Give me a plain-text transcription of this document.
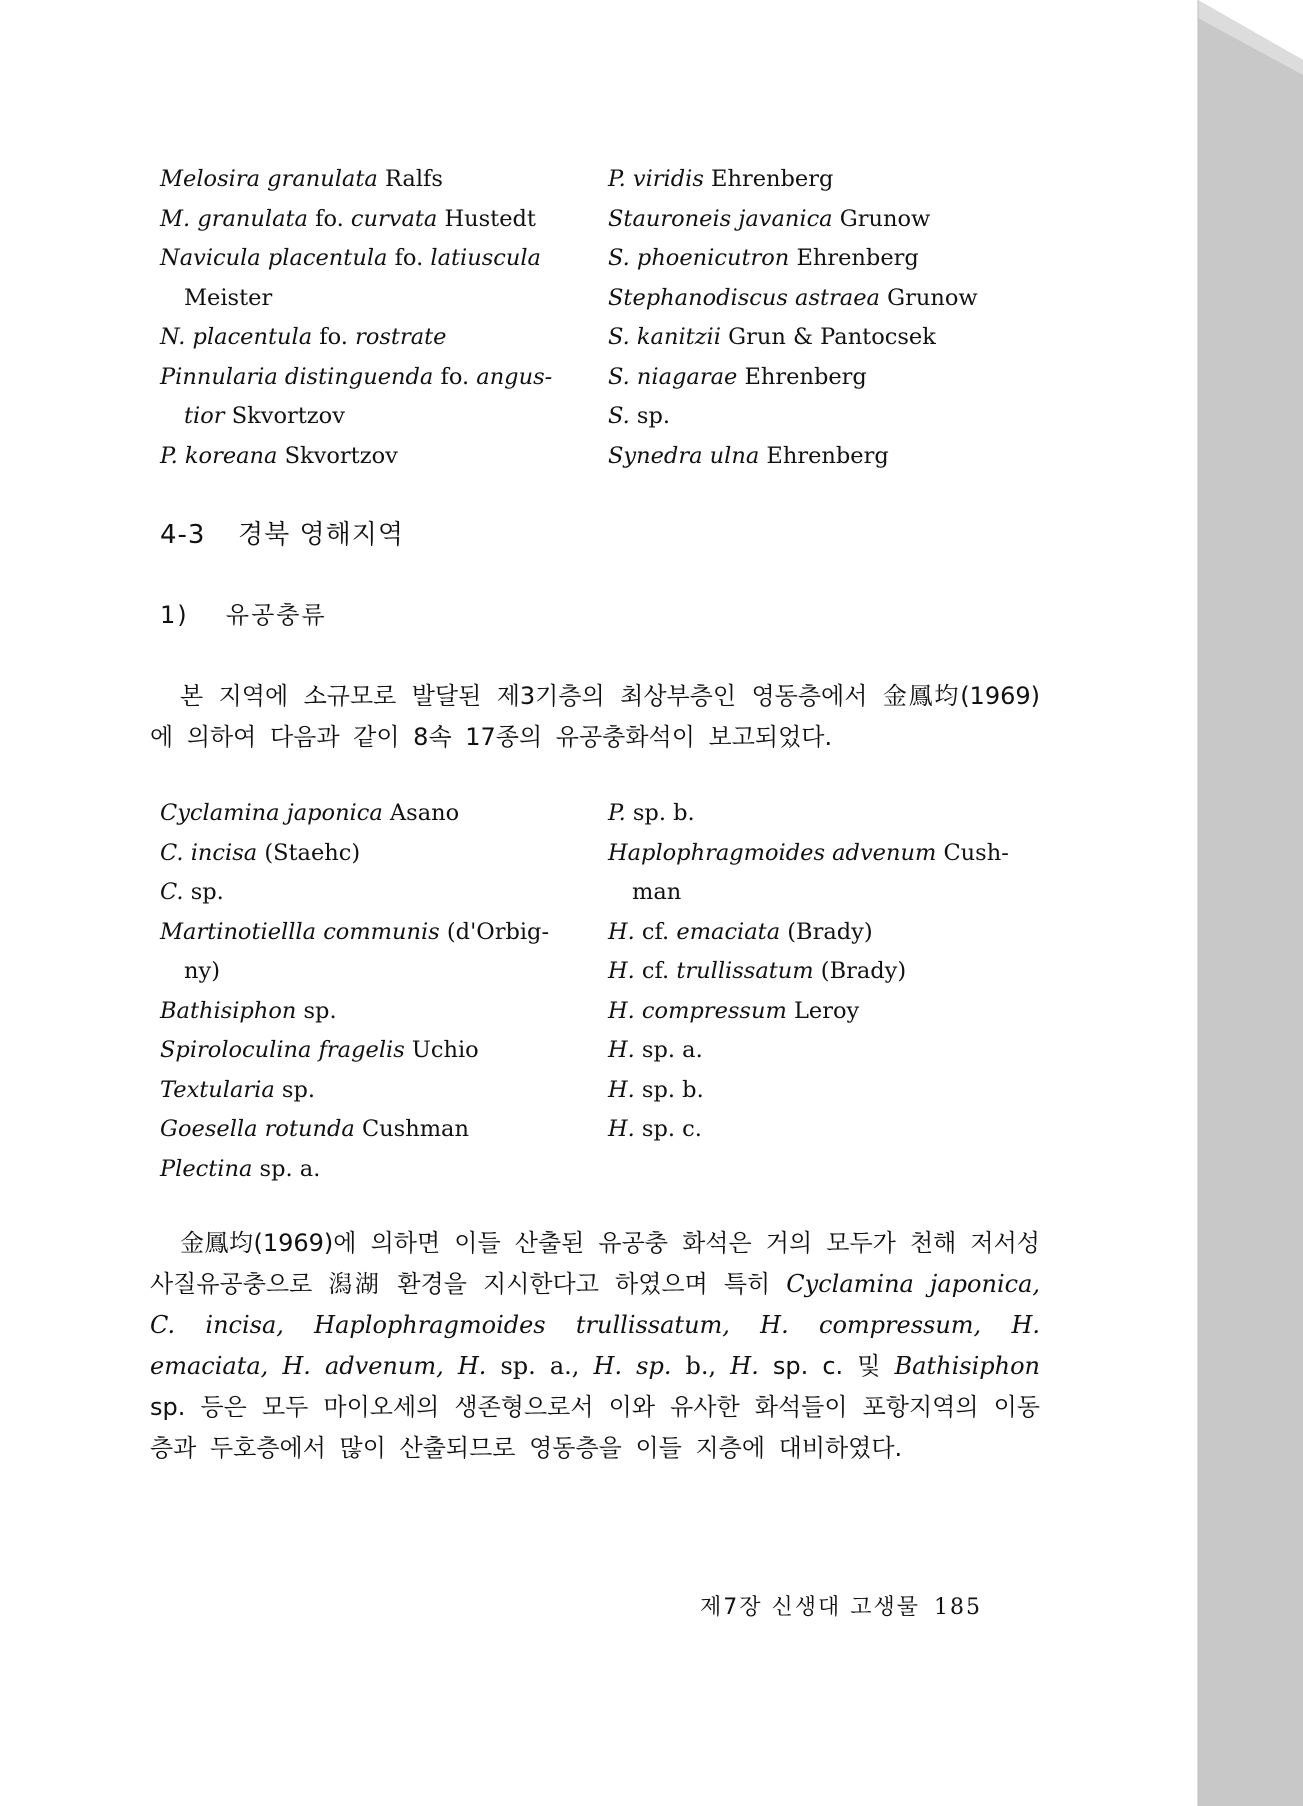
Melosira granulata Ralfs
M. granulata fo. curvata Hustedt
Navicula placentula fo. latiuscula
Meister
N. placentula fo. rostrate
Pinnularia distinguenda fo. angus-
tior Skvortzov
P. koreana Skvortzov
P. viridis Ehrenberg
Stauroneis javanica Grunow
S. phoenicutron Ehrenberg
Stephanodiscus astraea Grunow
S. kanitzii Grun & Pantocsek
S. niagarae Ehrenberg
S. sp.
Synedra ulna Ehrenberg

4-3 경북 영해지역

1) 유공충류

본 지역에 소규모로 발달된 제3기층의 최상부층인 영동층에서 金鳳均(1969)에 의하여 다음과 같이 8속 17종의 유공충화석이 보고되었다.

Cyclamina japonica Asano
C. incisa (Staehc)
C. sp.
Martinotiellla communis (d'Orbig-
ny)
Bathisiphon sp.
Spiroloculina fragelis Uchio
Textularia sp.
Goesella rotunda Cushman
Plectina sp. a.
P. sp. b.
Haplophragmoides advenum Cush-
man
H. cf. emaciata (Brady)
H. cf. trullissatum (Brady)
H. compressum Leroy
H. sp. a.
H. sp. b.
H. sp. c.

金鳳均(1969)에 의하면 이들 산출된 유공충 화석은 거의 모두가 천해 저서성 사질유공충으로 潟湖 환경을 지시한다고 하였으며 특히 Cyclamina japonica, C. incisa, Haplophragmoides trullissatum, H. compressum, H. emaciata, H. advenum, H. sp. a., H. sp. b., H. sp. c. 및 Bathisiphon sp. 등은 모두 마이오세의 생존형으로서 이와 유사한 화석들이 포항지역의 이동층과 두호층에서 많이 산출되므로 영동층을 이들 지층에 대비하였다.

제7장 신생대 고생물 185
